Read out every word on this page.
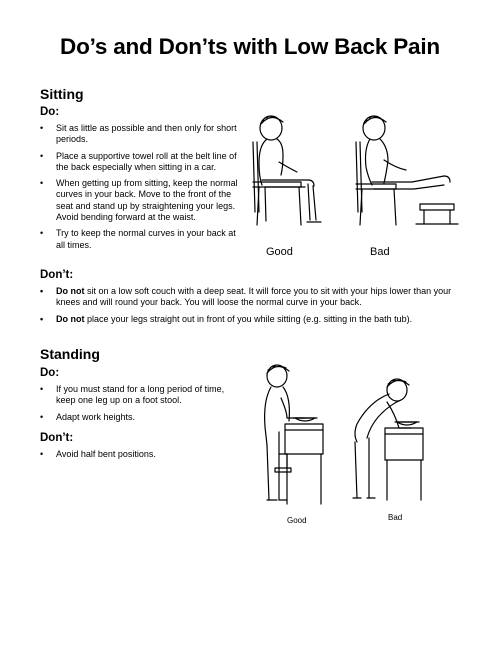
Do’s and Don’ts with Low Back Pain
Sitting
Do:
• Sit as little as possible and then only for short periods.
• Place a supportive towel roll at the belt line of the back especially when sitting in a car.
• When getting up from sitting, keep the normal curves in your back. Move to the front of the seat and stand up by straightening your legs. Avoid bending forward at the waist.
• Try to keep the normal curves in your back at all times.
Good	Bad
Don’t:
• Do not sit on a low soft couch with a deep seat. It will force you to sit with your hips lower than your knees and will round your back. You will loose the normal curve in your back.
• Do not place your legs straight out in front of you while sitting (e.g. sitting in the bath tub).
Standing
Do:
• If you must stand for a long period of time, keep one leg up on a foot stool.
• Adapt work heights.
Don’t:
• Avoid half bent positions.
Good	Bad
